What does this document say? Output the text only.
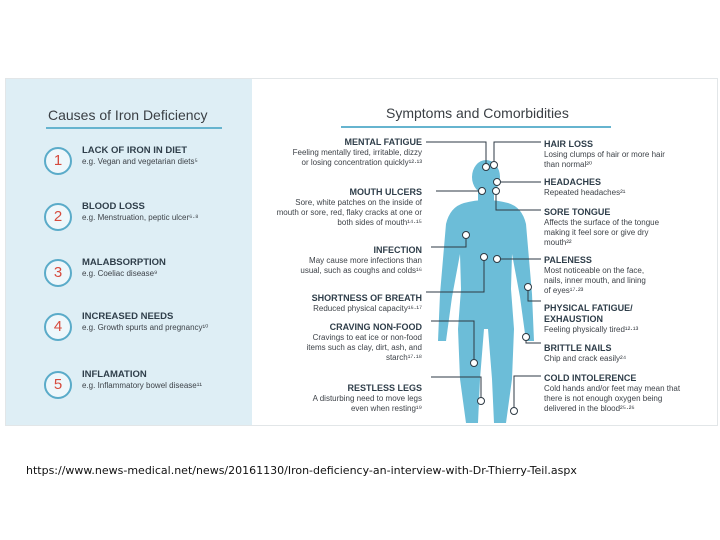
Causes of Iron Deficiency
1
LACK OF IRON IN DIET
e.g. Vegan and vegetarian diets⁵
2
BLOOD LOSS
e.g. Menstruation, peptic ulcer⁶·⁸
3
MALABSORPTION
e.g. Coeliac disease⁹
4
INCREASED NEEDS
e.g. Growth spurts and pregnancy¹⁰
5
INFLAMATION
e.g. Inflammatory bowel disease¹¹
Symptoms and Comorbidities
MENTAL FATIGUE
Feeling mentally tired, irritable, dizzy or losing concentration quickly¹²·¹³
MOUTH ULCERS
Sore, white patches on the inside of mouth or sore, red, flaky cracks at one or both sides of mouth¹⁴·¹⁵
INFECTION
May cause more infections than usual, such as coughs and colds¹⁶
SHORTNESS OF BREATH
Reduced physical capacity¹⁶·¹⁷
CRAVING NON-FOOD
Cravings to eat ice or non-food items such as clay, dirt, ash, and starch¹⁷·¹⁸
RESTLESS LEGS
A disturbing need to move legs even when resting¹⁹
HAIR LOSS
Losing clumps of hair or more hair than normal²⁰
HEADACHES
Repeated headaches²¹
SORE TONGUE
Affects the surface of the tongue making it feel sore or give dry mouth²²
PALENESS
Most noticeable on the face, nails, inner mouth, and lining of eyes¹⁷·²³
PHYSICAL FATIGUE/ EXHAUSTION
Feeling physically tired¹²·¹³
BRITTLE NAILS
Chip and crack easily²⁴
COLD INTOLERENCE
Cold hands and/or feet may mean that there is not enough oxygen being delivered in the blood²⁵·²⁶
https://www.news-medical.net/news/20161130/Iron-deficiency-an-interview-with-Dr-Thierry-Teil.aspx
